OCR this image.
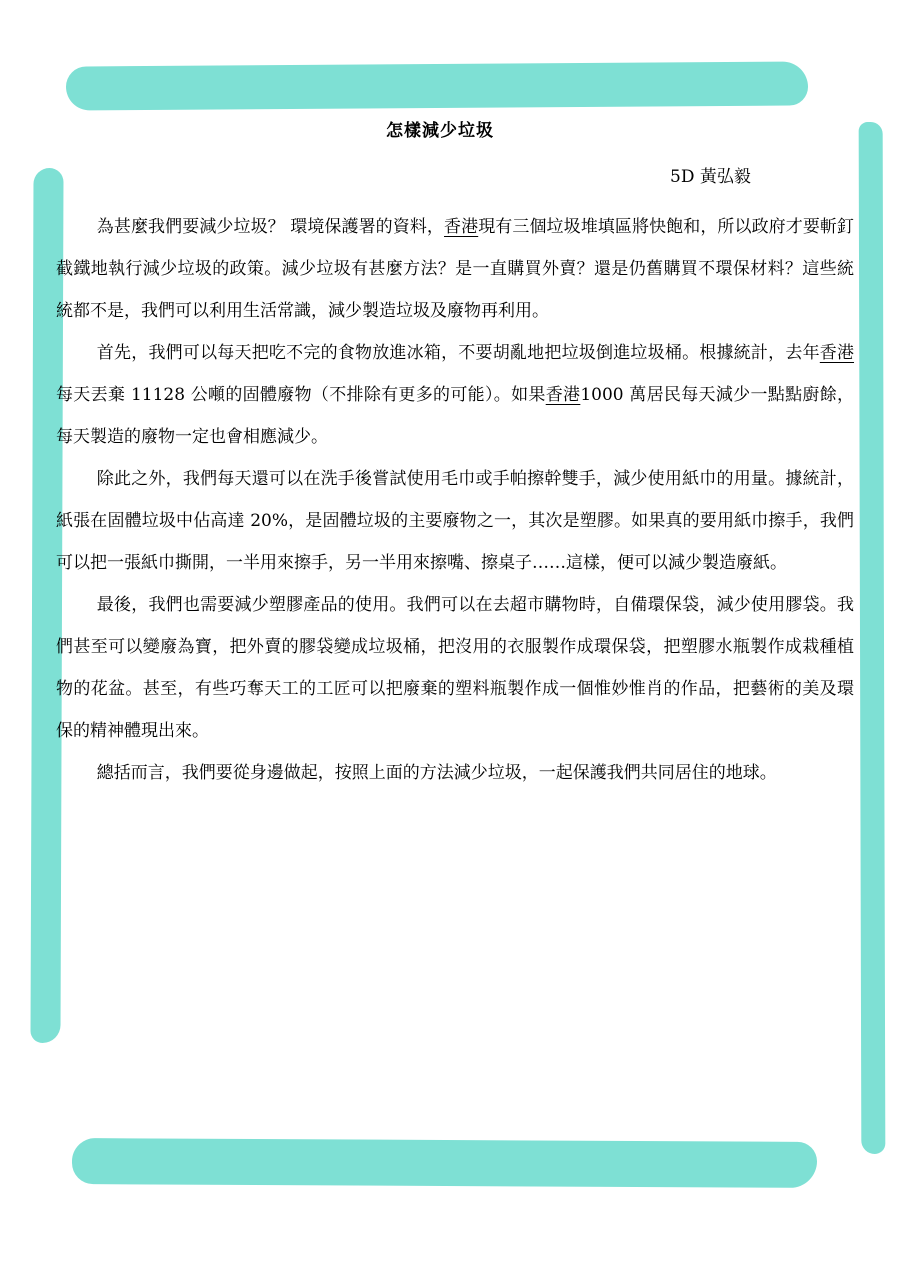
怎樣減少垃圾
5D 黃弘毅

為甚麼我們要減少垃圾？ 環境保護署的資料，香港現有三個垃圾堆填區將快飽和，所以政府才要斬釘截鐵地執行減少垃圾的政策。減少垃圾有甚麼方法？是一直購買外賣？還是仍舊購買不環保材料？這些統統都不是，我們可以利用生活常識，減少製造垃圾及廢物再利用。

首先，我們可以每天把吃不完的食物放進冰箱，不要胡亂地把垃圾倒進垃圾桶。根據統計，去年香港每天丟棄 11128 公噸的固體廢物（不排除有更多的可能）。如果香港1000 萬居民每天減少一點點廚餘，每天製造的廢物一定也會相應減少。

除此之外，我們每天還可以在洗手後嘗試使用毛巾或手帕擦幹雙手，減少使用紙巾的用量。據統計，紙張在固體垃圾中佔高達 20%，是固體垃圾的主要廢物之一，其次是塑膠。如果真的要用紙巾擦手，我們可以把一張紙巾撕開，一半用來擦手，另一半用來擦嘴、擦桌子……這樣，便可以減少製造廢紙。

最後，我們也需要減少塑膠產品的使用。我們可以在去超市購物時，自備環保袋，減少使用膠袋。我們甚至可以變廢為寶，把外賣的膠袋變成垃圾桶，把沒用的衣服製作成環保袋，把塑膠水瓶製作成栽種植物的花盆。甚至，有些巧奪天工的工匠可以把廢棄的塑料瓶製作成一個惟妙惟肖的作品，把藝術的美及環保的精神體現出來。

總括而言，我們要從身邊做起，按照上面的方法減少垃圾，一起保護我們共同居住的地球。
